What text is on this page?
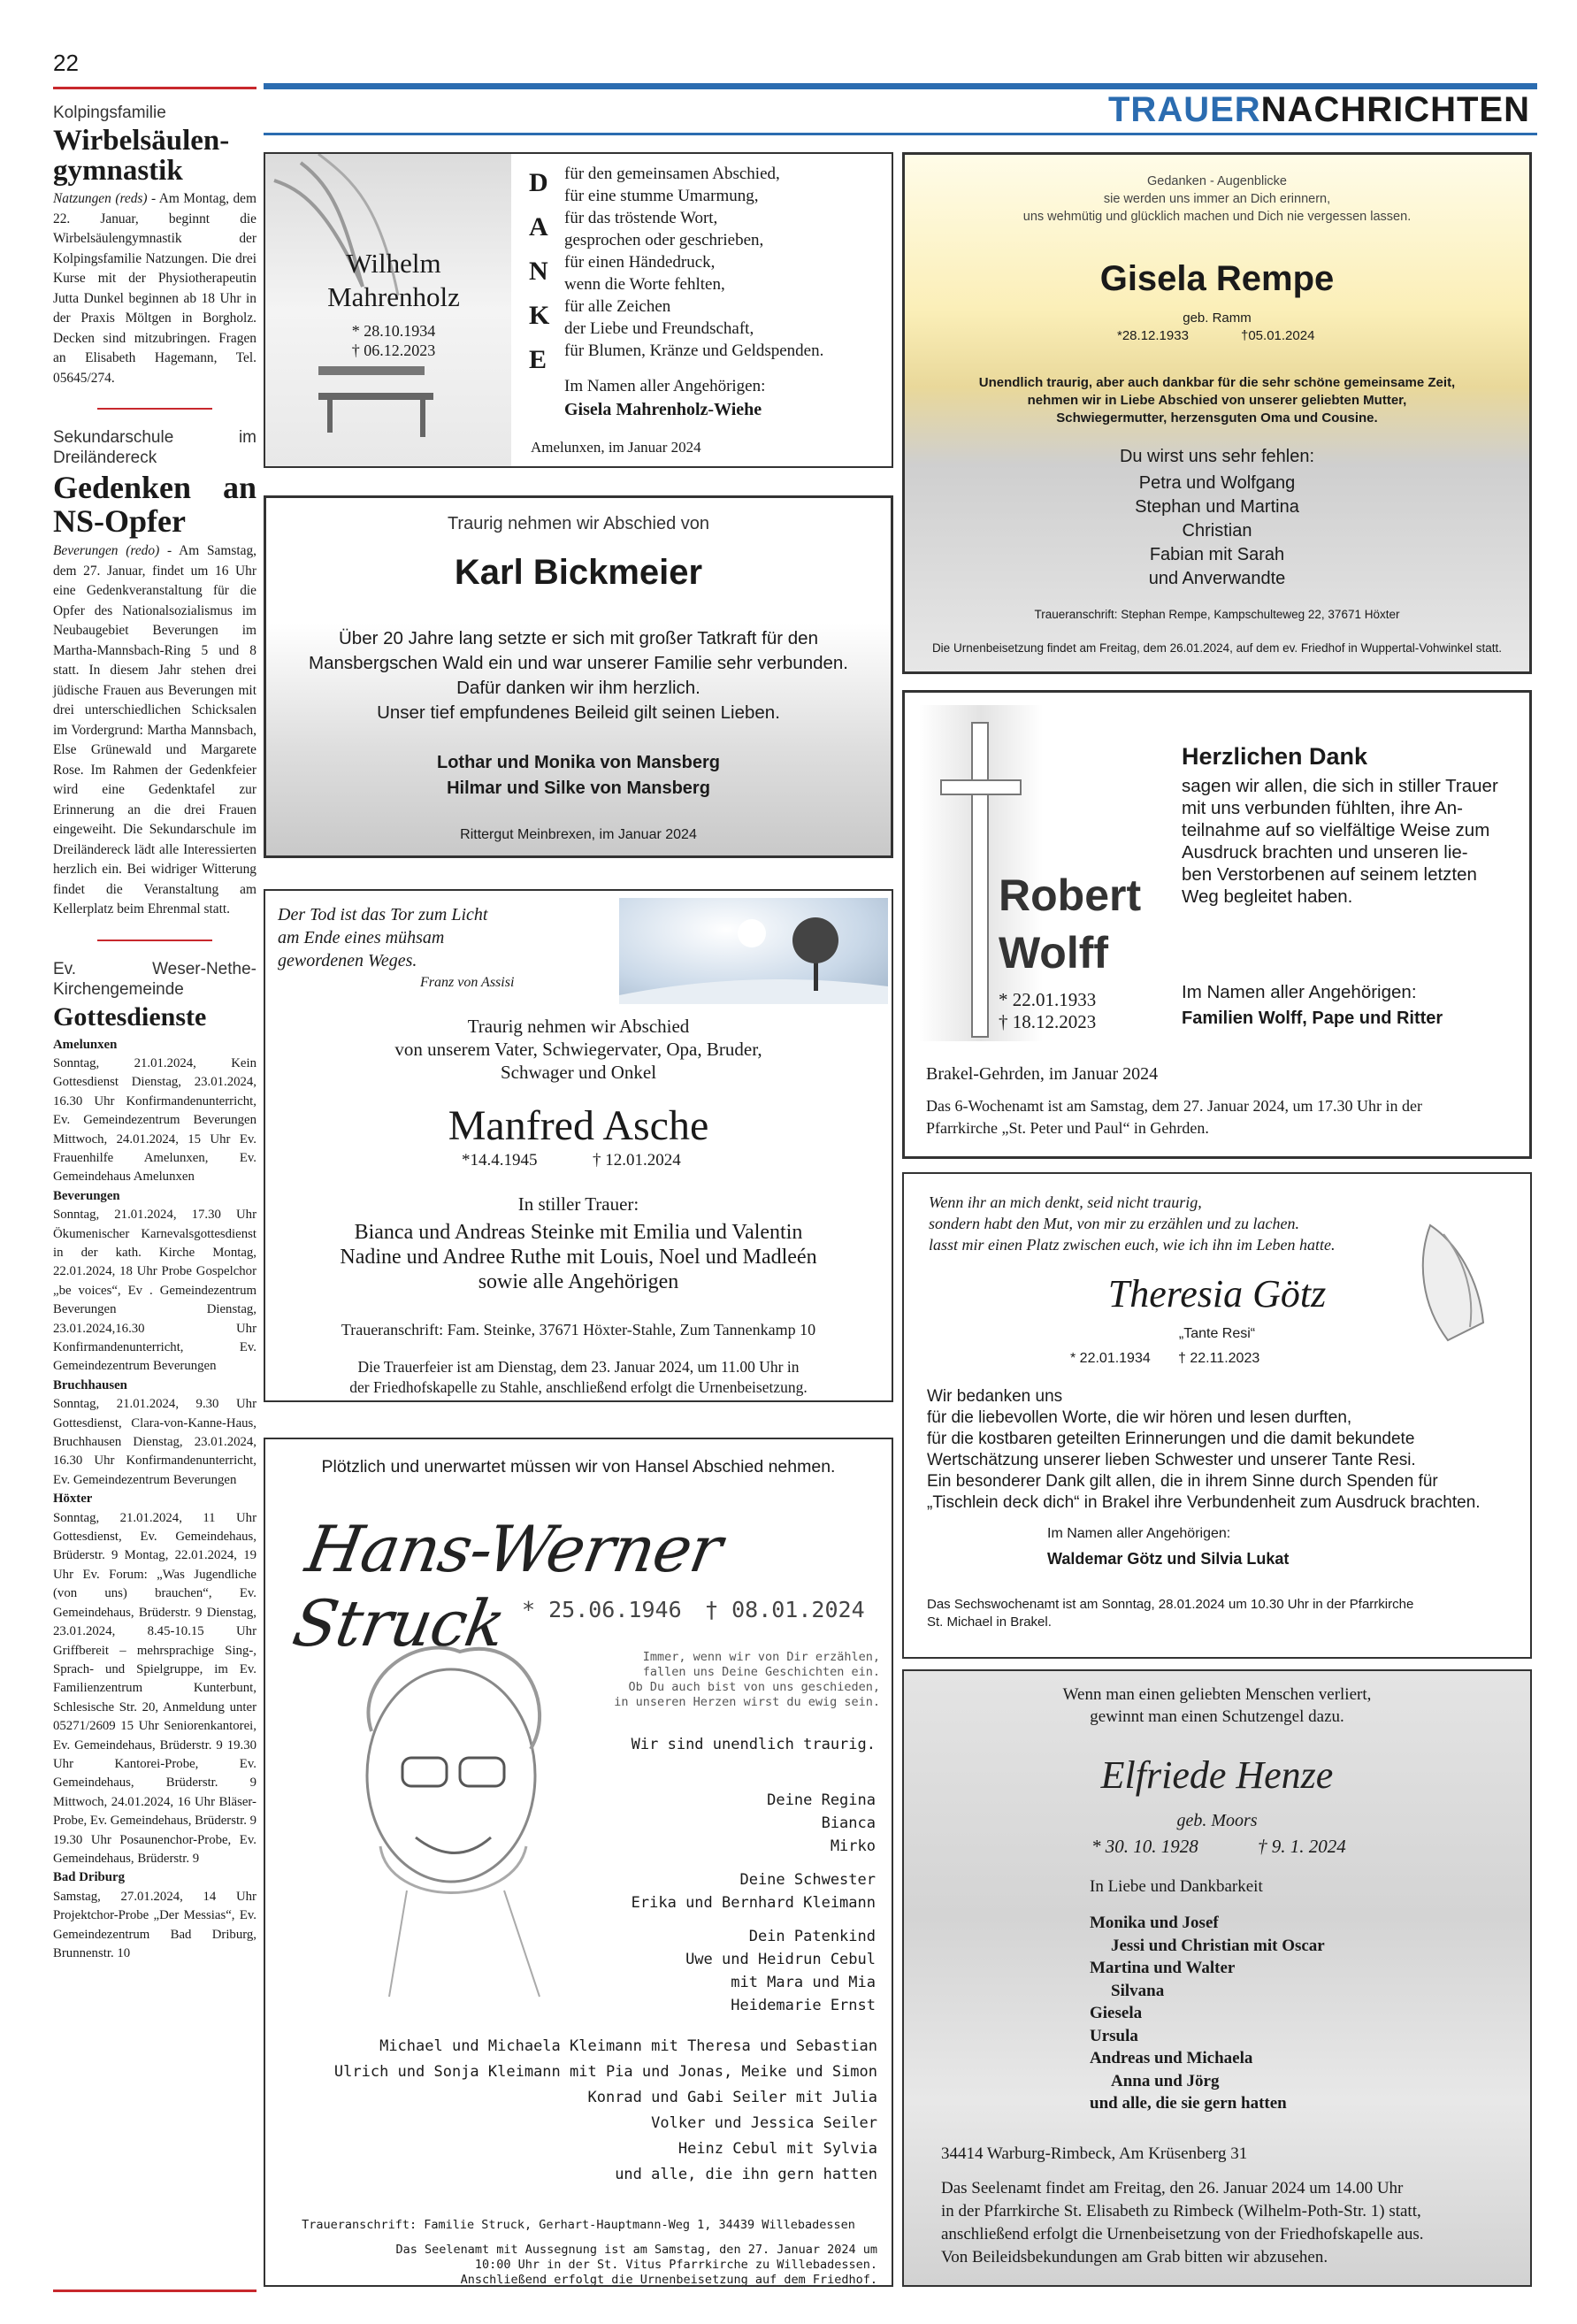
22
TRAUERNACHRICHTEN
Kolpingsfamilie
Wirbelsäulen-gymnastik

Natzungen (reds) - Am Montag, dem 22. Januar, beginnt die Wirbelsäulengymnastik der Kolpingsfamilie Natzungen. Die drei Kurse mit der Physiotherapeutin Jutta Dunkel beginnen ab 18 Uhr in der Praxis Möltgen in Borgholz. Decken sind mitzubringen. Fragen an Elisabeth Hagemann, Tel. 05645/274.

Sekundarschule im Dreiländereck
Gedenken an NS-Opfer

Beverungen (redo) - Am Samstag, dem 27. Januar, findet um 16 Uhr eine Gedenkveranstaltung für die Opfer des Nationalsozialismus im Neubaugebiet Beverungen im Martha-Mannsbach-Ring 5 und 8 statt. In diesem Jahr stehen drei jüdische Frauen aus Beverungen mit drei unterschiedlichen Schicksalen im Vordergrund: Martha Mannsbach, Else Grünewald und Margarete Rose. Im Rahmen der Gedenkfeier wird eine Gedenktafel zur Erinnerung an die drei Frauen eingeweiht. Die Sekundarschule im Dreiländereck lädt alle Interessierten herzlich ein. Bei widriger Witterung findet die Veranstaltung am Kellerplatz beim Ehrenmal statt.

Ev. Weser-Nethe-Kirchengemeinde
Gottesdienste

Amelunxen
Sonntag, 21.01.2024, Kein Gottesdienst Dienstag, 23.01.2024, 16.30 Uhr Konfirmandenunterricht, Ev. Gemeindezentrum Beverungen Mittwoch, 24.01.2024, 15 Uhr Ev. Frauenhilfe Amelunxen, Ev. Gemeindehaus Amelunxen

Beverungen
Sonntag, 21.01.2024, 17.30 Uhr Ökumenischer Karnevalsgottesdienst in der kath. Kirche Montag, 22.01.2024, 18 Uhr Probe Gospelchor „be voices“, Ev . Gemeindezentrum Beverungen Dienstag, 23.01.2024,16.30 Uhr Konfirmandenunterricht, Ev. Gemeindezentrum Beverungen

Bruchhausen
Sonntag, 21.01.2024, 9.30 Uhr Gottesdienst, Clara-von-Kanne-Haus, Bruchhausen Dienstag, 23.01.2024, 16.30 Uhr Konfirmandenunterricht, Ev. Gemeindezentrum Beverungen

Höxter
Sonntag, 21.01.2024, 11 Uhr Gottesdienst, Ev. Gemeindehaus, Brüderstr. 9 Montag, 22.01.2024, 19 Uhr Ev. Forum: „Was Jugendliche (von uns) brauchen“, Ev. Gemeindehaus, Brüderstr. 9 Dienstag, 23.01.2024, 8.45-10.15 Uhr Griffbereit – mehrsprachige Sing-, Sprach- und Spielgruppe, im Ev. Familienzentrum Kunterbunt, Schlesische Str. 20, Anmeldung unter 05271/2609 15 Uhr Seniorenkantorei, Ev. Gemeindehaus, Brüderstr. 9 19.30 Uhr Kantorei-Probe, Ev. Gemeindehaus, Brüderstr. 9 Mittwoch, 24.01.2024, 16 Uhr Bläser-Probe, Ev. Gemeindehaus, Brüderstr. 9 19.30 Uhr Posaunenchor-Probe, Ev. Gemeindehaus, Brüderstr. 9

Bad Driburg
Samstag, 27.01.2024, 14 Uhr Projektchor-Probe „Der Messias“, Ev. Gemeindezentrum Bad Driburg, Brunnenstr. 10

Wilhelm Mahrenholz
* 28.10.1934
† 06.12.2023
D
A
N
K
E
für den gemeinsamen Abschied,
für eine stumme Umarmung,
für das tröstende Wort,
gesprochen oder geschrieben,
für einen Händedruck,
wenn die Worte fehlten,
für alle Zeichen
der Liebe und Freundschaft,
für Blumen, Kränze und Geldspenden.
Im Namen aller Angehörigen:
Gisela Mahrenholz-Wiehe
Amelunxen, im Januar 2024
Traurig nehmen wir Abschied von
Karl Bickmeier
Über 20 Jahre lang setzte er sich mit großer Tatkraft für den
Mansbergschen Wald ein und war unserer Familie sehr verbunden.
Dafür danken wir ihm herzlich.
Unser tief empfundenes Beileid gilt seinen Lieben.
Lothar und Monika von Mansberg
Hilmar und Silke von Mansberg
Rittergut Meinbrexen, im Januar 2024
Der Tod ist das Tor zum Licht
am Ende eines mühsam
gewordenen Weges.
Franz von Assisi
Traurig nehmen wir Abschied
von unserem Vater, Schwiegervater, Opa, Bruder,
Schwager und Onkel
Manfred Asche
*14.4.1945	† 12.01.2024
In stiller Trauer:
Bianca und Andreas Steinke mit Emilia und Valentin
Nadine und Andree Ruthe mit Louis, Noel und Madleén
sowie alle Angehörigen
Traueranschrift: Fam. Steinke, 37671 Höxter-Stahle, Zum Tannenkamp 10
Die Trauerfeier ist am Dienstag, dem 23. Januar 2024, um 11.00 Uhr in
der Friedhofskapelle zu Stahle, anschließend erfolgt die Urnenbeisetzung.
Plötzlich und unerwartet müssen wir von Hansel Abschied nehmen.
Hans-Werner Struck * 25.06.1946 † 08.01.2024
Immer, wenn wir von Dir erzählen,
fallen uns Deine Geschichten ein.
Ob Du auch bist von uns geschieden,
in unseren Herzen wirst du ewig sein.
Wir sind unendlich traurig.
Deine Regina
Bianca
Mirko
Deine Schwester
Erika und Bernhard Kleimann
Dein Patenkind
Uwe und Heidrun Cebul
mit Mara und Mia
Heidemarie Ernst
Michael und Michaela Kleimann mit Theresa und Sebastian
Ulrich und Sonja Kleimann mit Pia und Jonas, Meike und Simon
Konrad und Gabi Seiler mit Julia
Volker und Jessica Seiler
Heinz Cebul mit Sylvia
und alle, die ihn gern hatten
Traueranschrift: Familie Struck, Gerhart-Hauptmann-Weg 1, 34439 Willebadessen
Das Seelenamt mit Aussegnung ist am Samstag, den 27. Januar 2024 um
10:00 Uhr in der St. Vitus Pfarrkirche zu Willebadessen.
Anschließend erfolgt die Urnenbeisetzung auf dem Friedhof.
Gedanken - Augenblicke
sie werden uns immer an Dich erinnern,
uns wehmütig und glücklich machen und Dich nie vergessen lassen.
Gisela Rempe
geb. Ramm
*28.12.1933	†05.01.2024
Unendlich traurig, aber auch dankbar für die sehr schöne gemeinsame Zeit,
nehmen wir in Liebe Abschied von unserer geliebten Mutter,
Schwiegermutter, herzensguten Oma und Cousine.
Du wirst uns sehr fehlen:
Petra und Wolfgang
Stephan und Martina
Christian
Fabian mit Sarah
und Anverwandte
Traueranschrift: Stephan Rempe, Kampschulteweg 22, 37671 Höxter
Die Urnenbeisetzung findet am Freitag, dem 26.01.2024, auf dem ev. Friedhof in Wuppertal-Vohwinkel statt.
Robert
Wolff
* 22.01.1933
† 18.12.2023
Herzlichen Dank
sagen wir allen, die sich in stiller Trauer
mit uns verbunden fühlten, ihre An-
teilnahme auf so vielfältige Weise zum
Ausdruck brachten und unseren lie-
ben Verstorbenen auf seinem letzten
Weg begleitet haben.
Im Namen aller Angehörigen:
Familien Wolff, Pape und Ritter
Brakel-Gehrden, im Januar 2024
Das 6-Wochenamt ist am Samstag, dem 27. Januar 2024, um 17.30 Uhr in der
Pfarrkirche „St. Peter und Paul“ in Gehrden.
Wenn ihr an mich denkt, seid nicht traurig,
sondern habt den Mut, von mir zu erzählen und zu lachen.
lasst mir einen Platz zwischen euch, wie ich ihn im Leben hatte.
Theresia Götz
„Tante Resi“
* 22.01.1934 † 22.11.2023
Wir bedanken uns
für die liebevollen Worte, die wir hören und lesen durften,
für die kostbaren geteilten Erinnerungen und die damit bekundete
Wertschätzung unserer lieben Schwester und unserer Tante Resi.
Ein besonderer Dank gilt allen, die in ihrem Sinne durch Spenden für
„Tischlein deck dich“ in Brakel ihre Verbundenheit zum Ausdruck brachten.
Im Namen aller Angehörigen:
Waldemar Götz und Silvia Lukat
Das Sechswochenamt ist am Sonntag, 28.01.2024 um 10.30 Uhr in der Pfarrkirche
St. Michael in Brakel.
Wenn man einen geliebten Menschen verliert,
gewinnt man einen Schutzengel dazu.
Elfriede Henze
geb. Moors
* 30. 10. 1928	† 9. 1. 2024
In Liebe und Dankbarkeit
Monika und Josef
Jessi und Christian mit Oscar
Martina und Walter
Silvana
Giesela
Ursula
Andreas und Michaela
Anna und Jörg
und alle, die sie gern hatten
34414 Warburg-Rimbeck, Am Krüsenberg 31
Das Seelenamt findet am Freitag, den 26. Januar 2024 um 14.00 Uhr
in der Pfarrkirche St. Elisabeth zu Rimbeck (Wilhelm-Poth-Str. 1) statt,
anschließend erfolgt die Urnenbeisetzung von der Friedhofskapelle aus.
Von Beileidsbekundungen am Grab bitten wir abzusehen.
